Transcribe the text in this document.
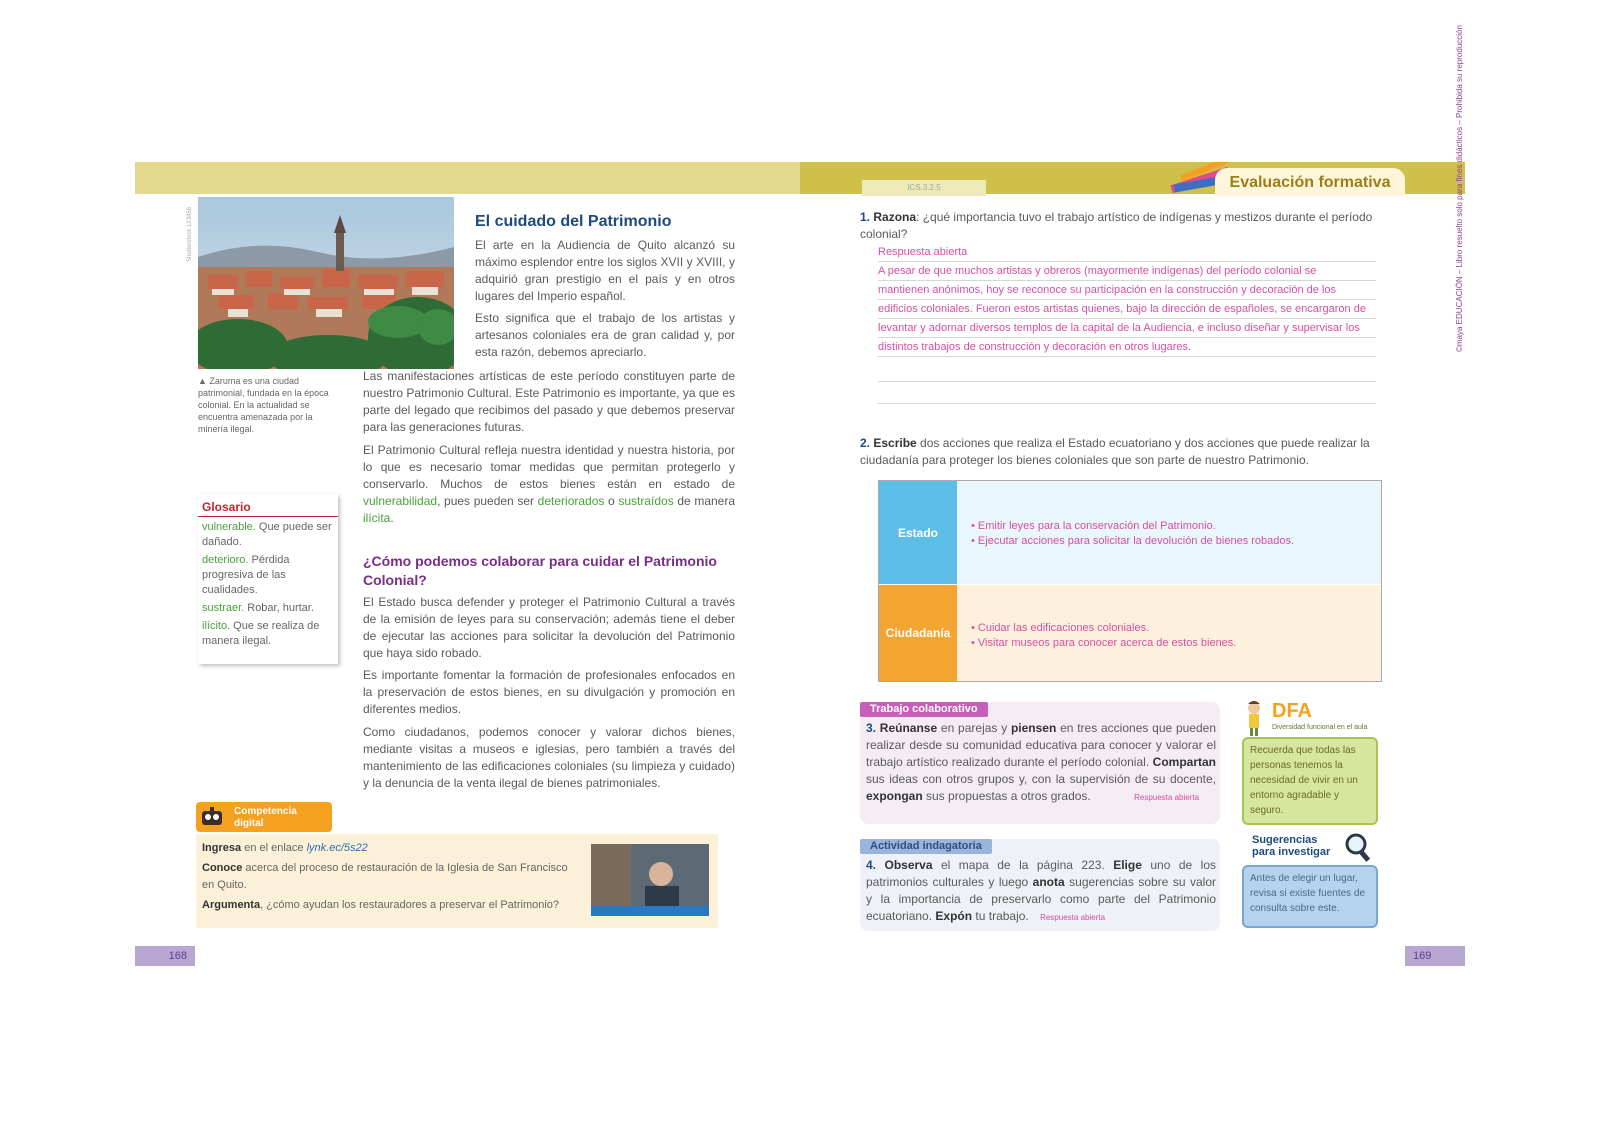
Shutterstock 123456
▲ Zaruma es una ciudad patrimonial, fundada en la época colonial. En la actualidad se encuentra amenazada por la minería ilegal.
El cuidado del Patrimonio
El arte en la Audiencia de Quito alcanzó su máximo esplendor entre los siglos XVII y XVIII, y adquirió gran prestigio en el país y en otros lugares del Imperio español.
Esto significa que el trabajo de los artistas y artesanos coloniales era de gran calidad y, por esta razón, debemos apreciarlo.
Las manifestaciones artísticas de este período constituyen parte de nuestro Patrimonio Cultural. Este Patrimonio es importante, ya que es parte del legado que recibimos del pasado y que debemos preservar para las generaciones futuras.
El Patrimonio Cultural refleja nuestra identidad y nuestra historia, por lo que es necesario tomar medidas que permitan protegerlo y conservarlo. Muchos de estos bienes están en estado de vulnerabilidad, pues pueden ser deteriorados o sustraídos de manera ilícita.
¿Cómo podemos colaborar para cuidar el Patrimonio Colonial?
El Estado busca defender y proteger el Patrimonio Cultural a través de la emisión de leyes para su conservación; además tiene el deber de ejecutar las acciones para solicitar la devolución del Patrimonio que haya sido robado.
Es importante fomentar la formación de profesionales enfocados en la preservación de estos bienes, en su divulgación y promoción en diferentes medios.
Como ciudadanos, podemos conocer y valorar dichos bienes, mediante visitas a museos e iglesias, pero también a través del mantenimiento de las edificaciones coloniales (su limpieza y cuidado) y la denuncia de la venta ilegal de bienes patrimoniales.
Glosario
vulnerable. Que puede ser dañado.
deterioro. Pérdida progresiva de las cualidades.
sustraer. Robar, hurtar.
ilícito. Que se realiza de manera ilegal.
Competencia
digital
Ingresa en el enlace lynk.ec/5s22
Conoce acerca del proceso de restauración de la Iglesia de San Francisco en Quito.
Argumenta, ¿cómo ayudan los restauradores a preservar el Patrimonio?
168
ICS.3.2.5	Evaluación formativa	©maya EDUCACIÓN – Libro resuelto solo para fines didácticos – Prohibida su reproducción
1. Razona: ¿qué importancia tuvo el trabajo artístico de indígenas y mestizos durante el período colonial?
Respuesta abierta
A pesar de que muchos artistas y obreros (mayormente indígenas) del período colonial se
mantienen anónimos, hoy se reconoce su participación en la construcción y decoración de los
edificios coloniales. Fueron estos artistas quienes, bajo la dirección de españoles, se encargaron de
levantar y adornar diversos templos de la capital de la Audiencia, e incluso diseñar y supervisar los
distintos trabajos de construcción y decoración en otros lugares.
2. Escribe dos acciones que realiza el Estado ecuatoriano y dos acciones que puede realizar la ciudadanía para proteger los bienes coloniales que son parte de nuestro Patrimonio.
Estado	• Emitir leyes para la conservación del Patrimonio.
• Ejecutar acciones para solicitar la devolución de bienes robados.
Ciudadanía	• Cuidar las edificaciones coloniales.
• Visitar museos para conocer acerca de estos bienes.
Trabajo colaborativo
3. Reúnanse en parejas y piensen en tres acciones que pueden realizar desde su comunidad educativa para conocer y valorar el trabajo artístico realizado durante el período colonial. Compartan sus ideas con otros grupos y, con la supervisión de su docente, expongan sus propuestas a otros grados.	Respuesta abierta
Actividad indagatoria
4. Observa el mapa de la página 223. Elige uno de los patrimonios culturales y luego anota sugerencias sobre su valor y la importancia de preservarlo como parte del Patrimonio ecuatoriano. Expón tu trabajo. Respuesta abierta
DFA
Diversidad funcional en el aula
Recuerda que todas las personas tenemos la necesidad de vivir en un entorno agradable y seguro.
Sugerencias
para investigar
Antes de elegir un lugar, revisa si existe fuentes de consulta sobre este.
169
